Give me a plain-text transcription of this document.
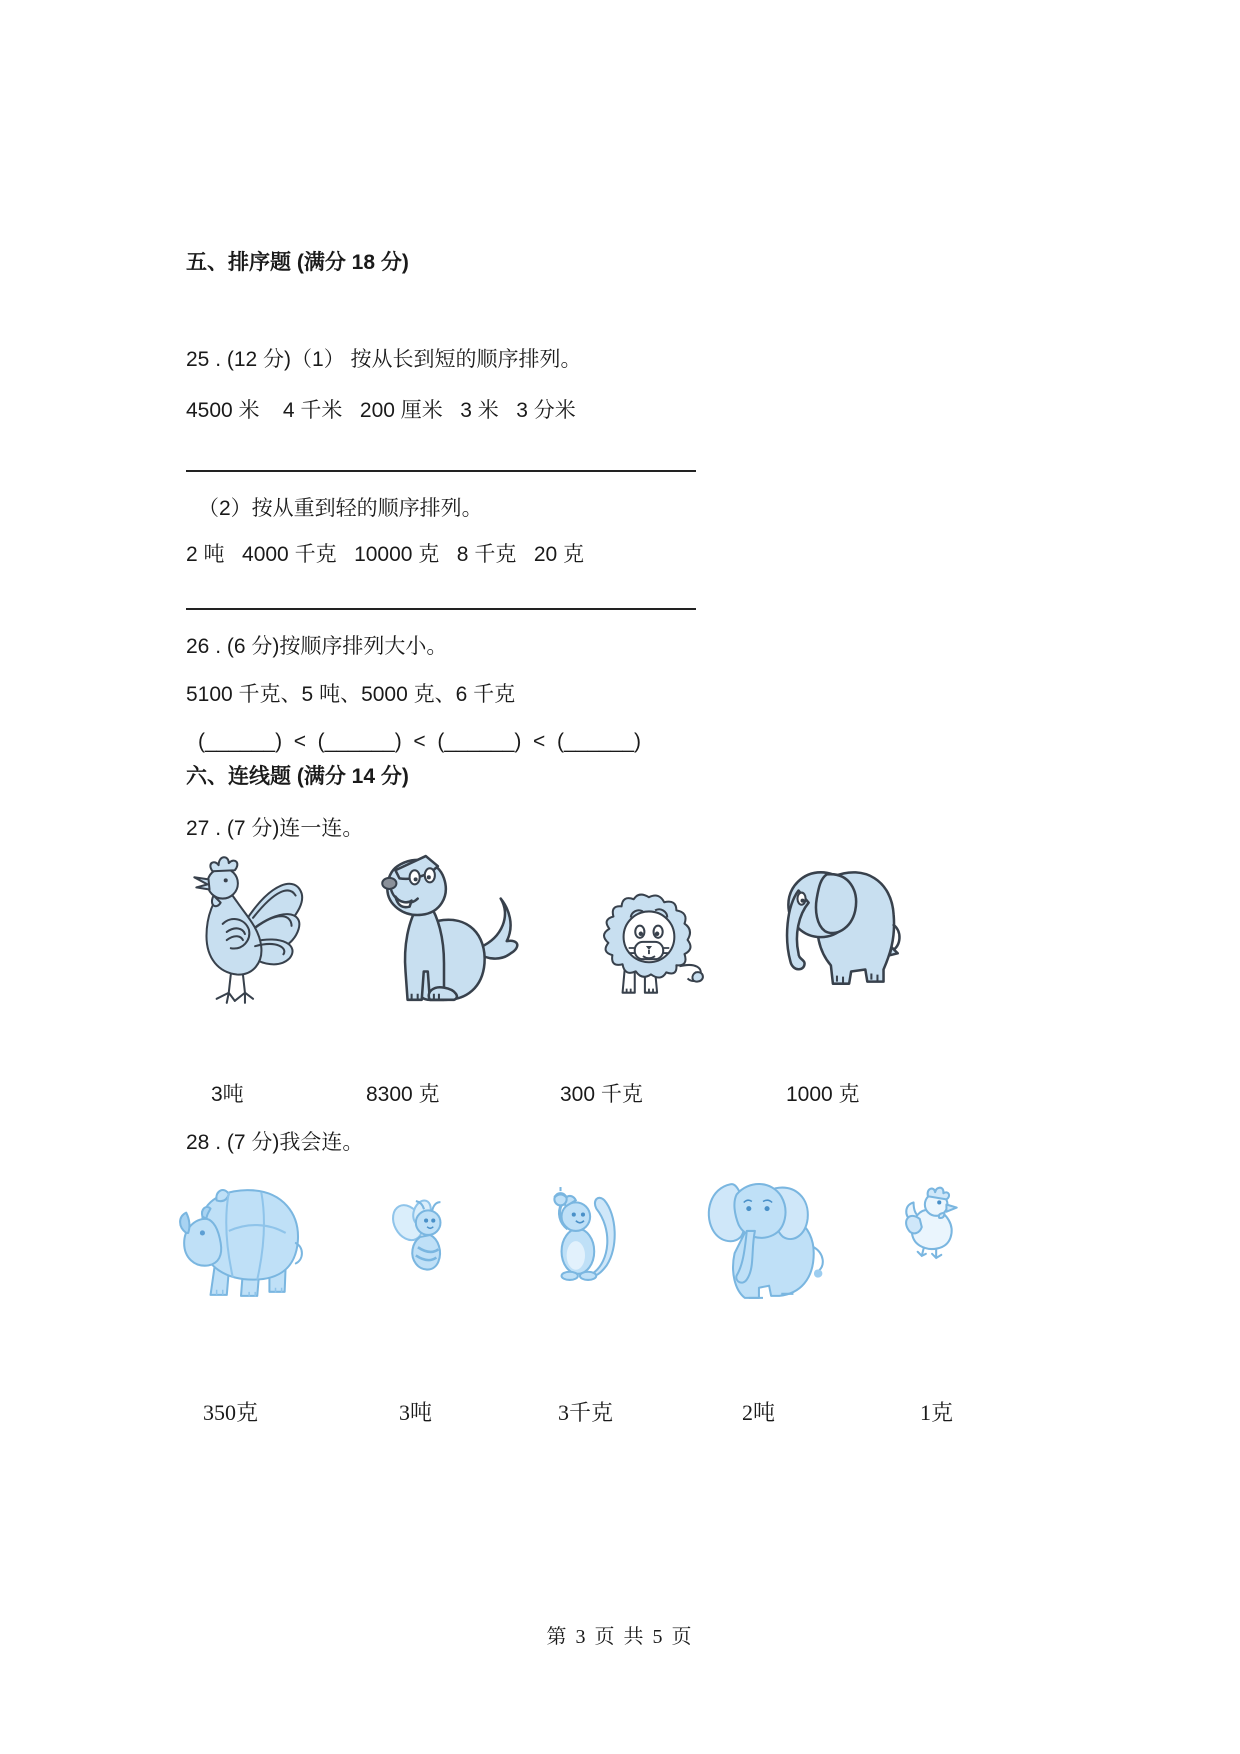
五、排序题 (满分 18 分)
25 . (12 分)（1） 按从长到短的顺序排列。
4500 米    4 千米   200 厘米   3 米   3 分米
（2）按从重到轻的顺序排列。
2 吨   4000 千克   10000 克   8 千克   20 克
26 . (6 分)按顺序排列大小。
5100 千克、5 吨、5000 克、6 千克
(______)  <  (______)  <  (______)  <  (______)
六、连线题 (满分 14 分)
27 . (7 分)连一连。
3吨	8300 克	300 千克	1000 克
28 . (7 分)我会连。
350克	3吨	3千克	2吨	1克
第 3 页 共 5 页
